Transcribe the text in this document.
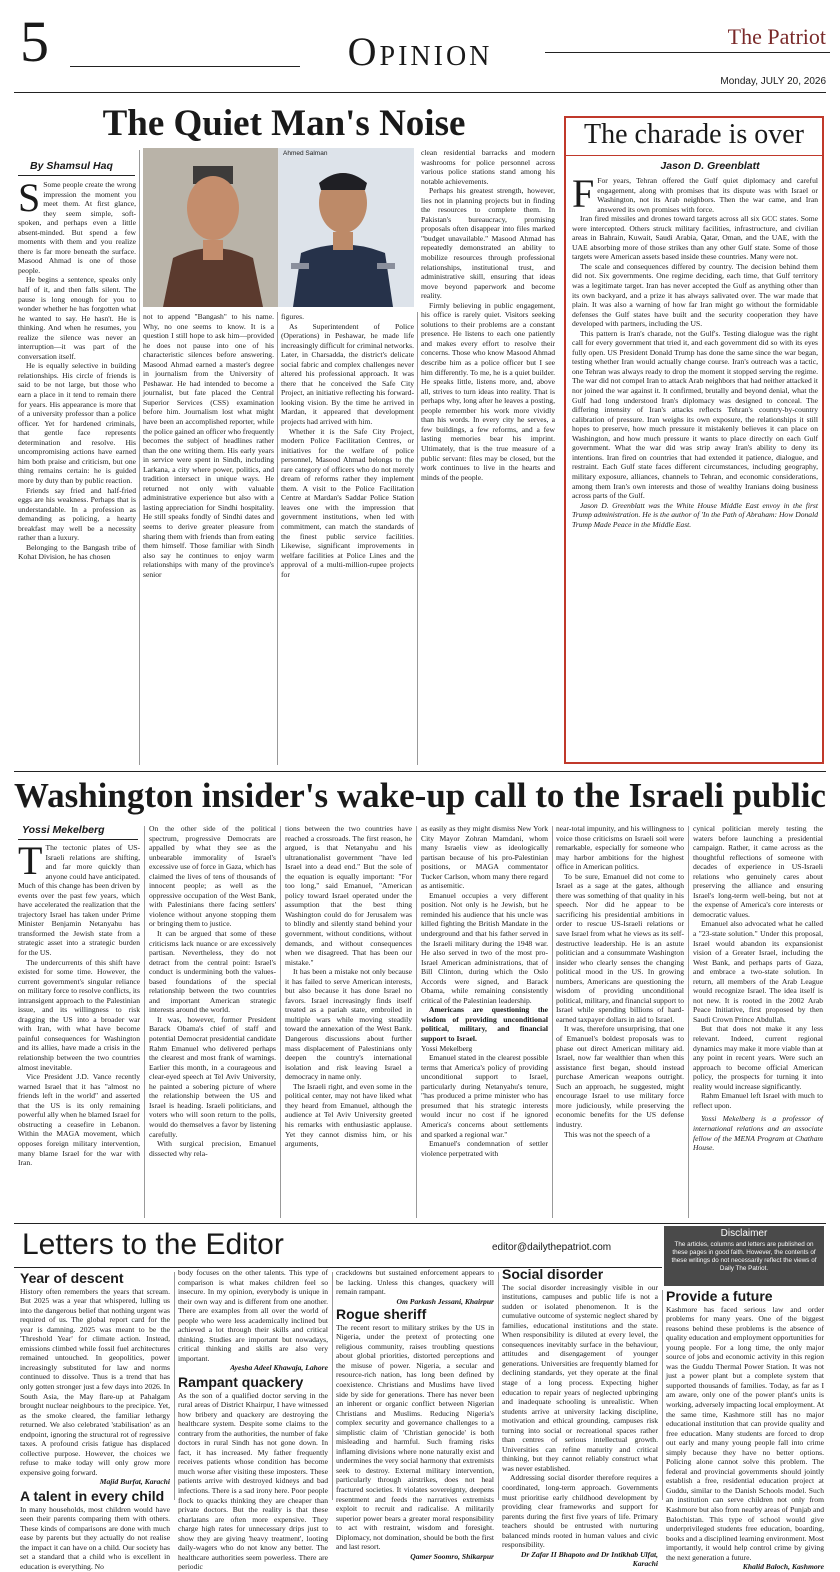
5	Opinion	The Patriot
Monday, JULY 20, 2026
The Quiet Man's Noise
By Shamsul Haq
S Some people create the wrong impression the moment you meet them. At first glance, they seem simple, soft-spoken, and perhaps even a little absent-minded. But spend a few moments with them and you realize there is far more beneath the surface. Masood Ahmad is one of those people.

He begins a sentence, speaks only half of it, and then falls silent. The pause is long enough for you to wonder whether he has forgotten what he wanted to say. He hasn't. He is thinking. And when he resumes, you realize the silence was never an interruption—it was part of the conversation itself.

He is equally selective in building relationships. His circle of friends is said to be not large, but those who earn a place in it tend to remain there for years. His appearance is more that of a university professor than a police officer. Yet for hardened criminals, that gentle face represents determination and resolve. His uncompromising actions have earned him both praise and criticism, but one thing remains certain: he is guided more by duty than by public reaction.

Friends say fried and half-fried eggs are his weakness. Perhaps that is understandable. In a profession as demanding as policing, a hearty breakfast may well be a necessity rather than a luxury.

Belonging to the Bangash tribe of Kohat Division, he has chosen

Ahmed Salman

not to append "Bangash" to his name. Why, no one seems to know. It is a question I still hope to ask him—provided he does not pause into one of his characteristic silences before answering. Masood Ahmad earned a master's degree in journalism from the University of Peshawar. He had intended to become a journalist, but fate placed the Central Superior Services (CSS) examination before him. Journalism lost what might have been an accomplished reporter, while the police gained an officer who frequently becomes the subject of headlines rather than the one writing them. His early years in service were spent in Sindh, including Larkana, a city where power, politics, and tradition intersect in unique ways. He returned not only with valuable administrative experience but also with a lasting appreciation for Sindhi hospitality. He still speaks fondly of Sindhi dates and seems to derive greater pleasure from sharing them with friends than from eating them himself. Those familiar with Sindh also say he continues to enjoy warm relationships with many of the province's senior

figures.

As Superintendent of Police (Operations) in Peshawar, he made life increasingly difficult for criminal networks. Later, in Charsadda, the district's delicate social fabric and complex challenges never altered his professional approach. It was there that he conceived the Safe City Project, an initiative reflecting his forward-looking vision. By the time he arrived in Mardan, it appeared that development projects had arrived with him.

Whether it is the Safe City Project, modern Police Facilitation Centres, or initiatives for the welfare of police personnel, Masood Ahmad belongs to the rare category of officers who do not merely dream of reforms rather they implement them. A visit to the Police Facilitation Centre at Mardan's Saddar Police Station leaves one with the impression that government institutions, when led with commitment, can match the standards of the finest public service facilities. Likewise, significant improvements in welfare facilities at Police Lines and the approval of a multi-million-rupee projects for

clean residential barracks and modern washrooms for police personnel across various police stations stand among his notable achievements.

Perhaps his greatest strength, however, lies not in planning projects but in finding the resources to complete them. In Pakistan's bureaucracy, promising proposals often disappear into files marked "budget unavailable." Masood Ahmad has repeatedly demonstrated an ability to mobilize resources through professional relationships, institutional trust, and administrative skill, ensuring that ideas move beyond paperwork and become reality.

Firmly believing in public engagement, his office is rarely quiet. Visitors seeking solutions to their problems are a constant presence. He listens to each one patiently and makes every effort to resolve their concerns. Those who know Masood Ahmad describe him as a police officer but I see him differently. To me, he is a quiet builder. He speaks little, listens more, and, above all, strives to turn ideas into reality. That is perhaps why, long after he leaves a posting, people remember his work more vividly than his words. In every city he serves, a few buildings, a few reforms, and a few lasting memories bear his imprint. Ultimately, that is the true measure of a public servant: files may be closed, but the work continues to live in the hearts and minds of the people.

The charade is over
Jason D. Greenblatt
F For years, Tehran offered the Gulf quiet diplomacy and careful engagement, along with promises that its dispute was with Israel or Washington, not its Arab neighbors. Then the war came, and Iran answered its own promises with force.

Iran fired missiles and drones toward targets across all six GCC states. Some were intercepted. Others struck military facilities, infrastructure, and civilian areas in Bahrain, Kuwait, Saudi Arabia, Qatar, Oman, and the UAE, with the UAE absorbing more of those strikes than any other Gulf state. Some of those targets were American assets based inside these countries. Many were not.

The scale and consequences differed by country. The decision behind them did not. Six governments. One regime deciding, each time, that Gulf territory was a legitimate target. Iran has never accepted the Gulf as anything other than its own backyard, and a prize it has always salivated over. The war made that plain. It was also a warning of how far Iran might go without the formidable defenses the Gulf states have built and the security cooperation they have developed with partners, including the US.

This pattern is Iran's charade, not the Gulf's. Testing dialogue was the right call for every government that tried it, and each government did so with its eyes fully open. US President Donald Trump has done the same since the war began, testing whether Iran would actually change course. Iran's outreach was a tactic, one Tehran was always ready to drop the moment it stopped serving the regime. The war did not compel Iran to attack Arab neighbors that had neither attacked it nor joined the war against it. It confirmed, brutally and beyond denial, what the Gulf had long understood Iran's diplomacy was designed to conceal. The differing intensity of Iran's attacks reflects Tehran's country-by-country calibration of pressure. Iran weighs its own exposure, the relationships it still hopes to preserve, how much pressure it mistakenly believes it can place on Washington, and how much pressure it wants to place directly on each Gulf government. What the war did was strip away Iran's ability to deny its intentions. Iran fired on countries that had extended it patience, dialogue, and restraint. Each Gulf state faces different circumstances, including geography, military exposure, alliances, channels to Tehran, and economic considerations, among them Iran's own interests and those of wealthy Iranians doing business across parts of the Gulf.

Jason D. Greenblatt was the White House Middle East envoy in the first Trump administration. He is the author of 'In the Path of Abraham: How Donald Trump Made Peace in the Middle East.

Washington insider's wake-up call to the Israeli public
Yossi Mekelberg
T The tectonic plates of US-Israeli relations are shifting, and far more quickly than anyone could have anticipated. Much of this change has been driven by events over the past few years, which have accelerated the realization that the trajectory Israel has taken under Prime Minister Benjamin Netanyahu has transformed the Jewish state from a strategic asset into a strategic burden for the US.

The undercurrents of this shift have existed for some time. However, the current government's singular reliance on military force to resolve conflicts, its intransigent approach to the Palestinian issue, and its willingness to risk dragging the US into a broader war with Iran, with what have become painful consequences for Washington and its allies, have made a crisis in the relationship between the two countries almost inevitable.

Vice President J.D. Vance recently warned Israel that it has "almost no friends left in the world" and asserted that the US is its only remaining powerful ally when he blamed Israel for obstructing a ceasefire in Lebanon. Within the MAGA movement, which opposes foreign military intervention, many blame Israel for the war with Iran.

On the other side of the political spectrum, progressive Democrats are appalled by what they see as the unbearable immorality of Israel's excessive use of force in Gaza, which has claimed the lives of tens of thousands of innocent people; as well as the oppressive occupation of the West Bank, with Palestinians there facing settlers' violence without anyone stopping them or bringing them to justice.

It can be argued that some of these criticisms lack nuance or are excessively partisan. Nevertheless, they do not detract from the central point: Israel's conduct is undermining both the values-based foundations of the special relationship between the two countries and important American strategic interests around the world.

It was, however, former President Barack Obama's chief of staff and potential Democrat presidential candidate Rahm Emanuel who delivered perhaps the clearest and most frank of warnings. Earlier this month, in a courageous and clear-eyed speech at Tel Aviv University, he painted a sobering picture of where the relationship between the US and Israel is heading. Israeli politicians, and voters who will soon return to the polls, would do themselves a favor by listening carefully.

With surgical precision, Emanuel dissected why rela-

tions between the two countries have reached a crossroads. The first reason, he argued, is that Netanyahu and his ultranationalist government "have led Israel into a dead end." But the sole of the equation is equally important: "For too long," said Emanuel, "American policy toward Israel operated under the assumption that the best thing Washington could do for Jerusalem was to blindly and silently stand behind your government, without conditions, without demands, and without consequences when we disagreed. That has been our mistake."

It has been a mistake not only because it has failed to serve American interests, but also because it has done Israel no favors. Israel increasingly finds itself treated as a pariah state, embroiled in multiple wars while moving steadily toward the annexation of the West Bank. Dangerous discussions about further mass displacement of Palestinians only deepen the country's international isolation and risk leaving Israel a democracy in name only.

The Israeli right, and even some in the political center, may not have liked what they heard from Emanuel, although the audience at Tel Aviv University greeted his remarks with enthusiastic applause. Yet they cannot dismiss him, or his arguments,

as easily as they might dismiss New York City Mayor Zohran Mamdani, whom many Israelis view as ideologically partisan because of his pro-Palestinian positions, or MAGA commentator Tucker Carlson, whom many there regard as antisemitic.

Emanuel occupies a very different position. Not only is he Jewish, but he reminded his audience that his uncle was killed fighting the British Mandate in the underground and that his father served in the Israeli military during the 1948 war. He also served in two of the most pro-Israel American administrations, that of Bill Clinton, during which the Oslo Accords were signed, and Barack Obama, while remaining consistently critical of the Palestinian leadership.

Americans are questioning the wisdom of providing unconditional political, military, and financial support to Israel.

Yossi Mekelberg

Emanuel stated in the clearest possible terms that America's policy of providing unconditional support to Israel, particularly during Netanyahu's tenure, "has produced a prime minister who has presumed that his strategic interests would incur no cost if he ignored America's concerns about settlements and sparked a regional war."

Emanuel's condemnation of settler violence perpetrated with

near-total impunity, and his willingness to voice those criticisms on Israeli soil were remarkable, especially for someone who may harbor ambitions for the highest office in American politics.

To be sure, Emanuel did not come to Israel as a sage at the gates, although there was something of that quality in his speech. Nor did he appear to be sacrificing his presidential ambitions in order to rescue US-Israeli relations or save Israel from what he views as its self-destructive leadership. He is an astute politician and a consummate Washington insider who clearly senses the changing political mood in the US. In growing numbers, Americans are questioning the wisdom of providing unconditional political, military, and financial support to Israel while spending billions of hard-earned taxpayer dollars in aid to Israel.

It was, therefore unsurprising, that one of Emanuel's boldest proposals was to phase out direct American military aid. Israel, now far wealthier than when this assistance first began, should instead purchase American weapons outright. Such an approach, he suggested, might encourage Israel to use military force more judiciously, while preserving the economic benefits for the US defense industry.

This was not the speech of a

cynical politician merely testing the waters before launching a presidential campaign. Rather, it came across as the thoughtful reflections of someone with decades of experience in US-Israeli relations who genuinely cares about preserving the alliance and ensuring Israel's long-term well-being, but not at the expense of America's core interests or democratic values.

Emanuel also advocated what he called a "23-state solution." Under this proposal, Israel would abandon its expansionist vision of a Greater Israel, including the West Bank, and perhaps parts of Gaza, and embrace a two-state solution. In return, all members of the Arab League would recognize Israel. The idea itself is not new. It is rooted in the 2002 Arab Peace Initiative, first proposed by then Saudi Crown Prince Abdullah.

But that does not make it any less relevant. Indeed, current regional dynamics may make it more viable than at any point in recent years. Were such an approach to become official American policy, the prospects for turning it into reality would increase significantly.

Rahm Emanuel left Israel with much to reflect upon.

Yossi Mekelberg is a professor of international relations and an associate fellow of the MENA Program at Chatham House.

Letters to the Editor	editor@dailythepatriot.com
Disclaimer
The articles, columns and letters are published on these pages in good faith. However, the contents of these writings do not necessarily reflect the views of Daily The Patriot.
Year of descent

History often remembers the years that scream. But 2025 was a year that whispered, lulling us into the dangerous belief that nothing urgent was required of us. The global report card for the year is damning. 2025 was meant to be the 'Threshold Year' for climate action. Instead, emissions climbed while fossil fuel architectures remained untouched. In geopolitics, power increasingly substituted for law and norms continued to dissolve. Thus is a trend that has only gotten stronger just a few days into 2026. In South Asia, the May flare-up at Pahalgam brought nuclear neighbours to the precipice. Yet, as the smoke cleared, the familiar lethargy returned. We also celebrated 'stabilisation' as an endpoint, ignoring the structural rot of regressive taxes. A profound crisis fatigue has displaced collective purpose. However, the choices we refuse to make today will only grow more expensive going forward.

Majid Burfat, Karachi

A talent in every child

In many households, most children would have seen their parents comparing them with others. These kinds of comparisons are done with much ease by parents but they actually do not realise the impact it can have on a child. Our society has set a standard that a child who is excellent in education is everything. No

body focuses on the other talents. This type of comparison is what makes children feel so insecure. In my opinion, everybody is unique in their own way and is different from one another. There are examples from all over the world of people who were less academically inclined but achieved a lot through their skills and critical thinking. Studies are important but nowadays, critical thinking and skills are also very important.

Ayesha Adeel Khawaja, Lahore

Rampant quackery

As the son of a qualified doctor serving in the rural areas of District Khairpur, I have witnessed how bribery and quackery are destroying the healthcare system. Despite some claims to the contrary from the authorities, the number of fake doctors in rural Sindh has not gone down. In fact, it has increased. My father frequently receives patients whose condition has become much worse after visiting these imposters. These patients arrive with destroyed kidneys and bad infections. There is a sad irony here. Poor people flock to quacks thinking they are cheaper than private doctors. But the reality is that these charlatans are often more expensive. They charge high rates for unnecessary drips just to show they are giving 'heavy treatment', looting daily-wagers who do not know any better. The healthcare authorities seem powerless. There are periodic

crackdowns but sustained enforcement appears to be lacking. Unless this changes, quackery will remain rampant.

Om Parkash Jessani, Khairpur

Rogue sheriff

The recent resort to military strikes by the US in Nigeria, under the pretext of protecting one religious community, raises troubling questions about global priorities, distorted perceptions and the misuse of power. Nigeria, a secular and resource-rich nation, has long been defined by coexistence. Christians and Muslims have lived side by side for generations. There has never been an inherent or organic conflict between Nigerian Christians and Muslims. Reducing Nigeria's complex security and governance challenges to a simplistic claim of 'Christian genocide' is both misleading and harmful. Such framing risks inflaming divisions where none naturally exist and undermines the very social harmony that extremists seek to destroy. External military intervention, particularly through airstrikes, does not heal fractured societies. It violates sovereignty, deepens resentment and feeds the narratives extremists exploit to recruit and radicalise. A militarily superior power bears a greater moral responsibility to act with restraint, wisdom and foresight. Diplomacy, not domination, should be both the first and last resort.

Qamer Soomro, Shikarpur

Social disorder

The social disorder increasingly visible in our institutions, campuses and public life is not a sudden or isolated phenomenon. It is the cumulative outcome of systemic neglect shared by families, educational institutions and the state. When responsibility is diluted at every level, the consequences inevitably surface in the behaviour, attitudes and disengagement of younger generations. Universities are frequently blamed for declining standards, yet they operate at the final stage of a long process. Expecting higher education to repair years of neglected upbringing and inadequate schooling is unrealistic. When students arrive at university lacking discipline, motivation and ethical grounding, campuses risk turning into social or recreational spaces rather than centres of serious intellectual growth. Universities can refine maturity and critical thinking, but they cannot reliably construct what was never established.

Addressing social disorder therefore requires a coordinated, long-term approach. Governments must prioritise early childhood development by providing clear frameworks and support for parents during the first five years of life. Primary teachers should be entrusted with nurturing balanced minds rooted in human values and civic responsibility.

Dr Zafar II Bhapoto and Dr Intikhab Ulfat, Karachi

Provide a future

Kashmore has faced serious law and order problems for many years. One of the biggest reasons behind these problems is the absence of quality education and employment opportunities for young people. For a long time, the only major source of jobs and economic activity in this region was the Guddu Thermal Power Station. It was not just a power plant but a complete system that supported thousands of families. Today, as far as I am aware, only one of the power plant's units is working, adversely impacting local employment. At the same time, Kashmore still has no major educational institution that can provide quality and free education. Many students are forced to drop out early and many young people fall into crime simply because they have no better options. Policing alone cannot solve this problem. The federal and provincial governments should jointly establish a free, residential education project at Guddu, similar to the Danish Schools model. Such an institution can serve children not only from Kashmore but also from nearby areas of Punjab and Balochistan. This type of school would give underprivileged students free education, boarding, books and a disciplined learning environment. Most importantly, it would help control crime by giving the next generation a future.

Khalid Baloch, Kashmore
